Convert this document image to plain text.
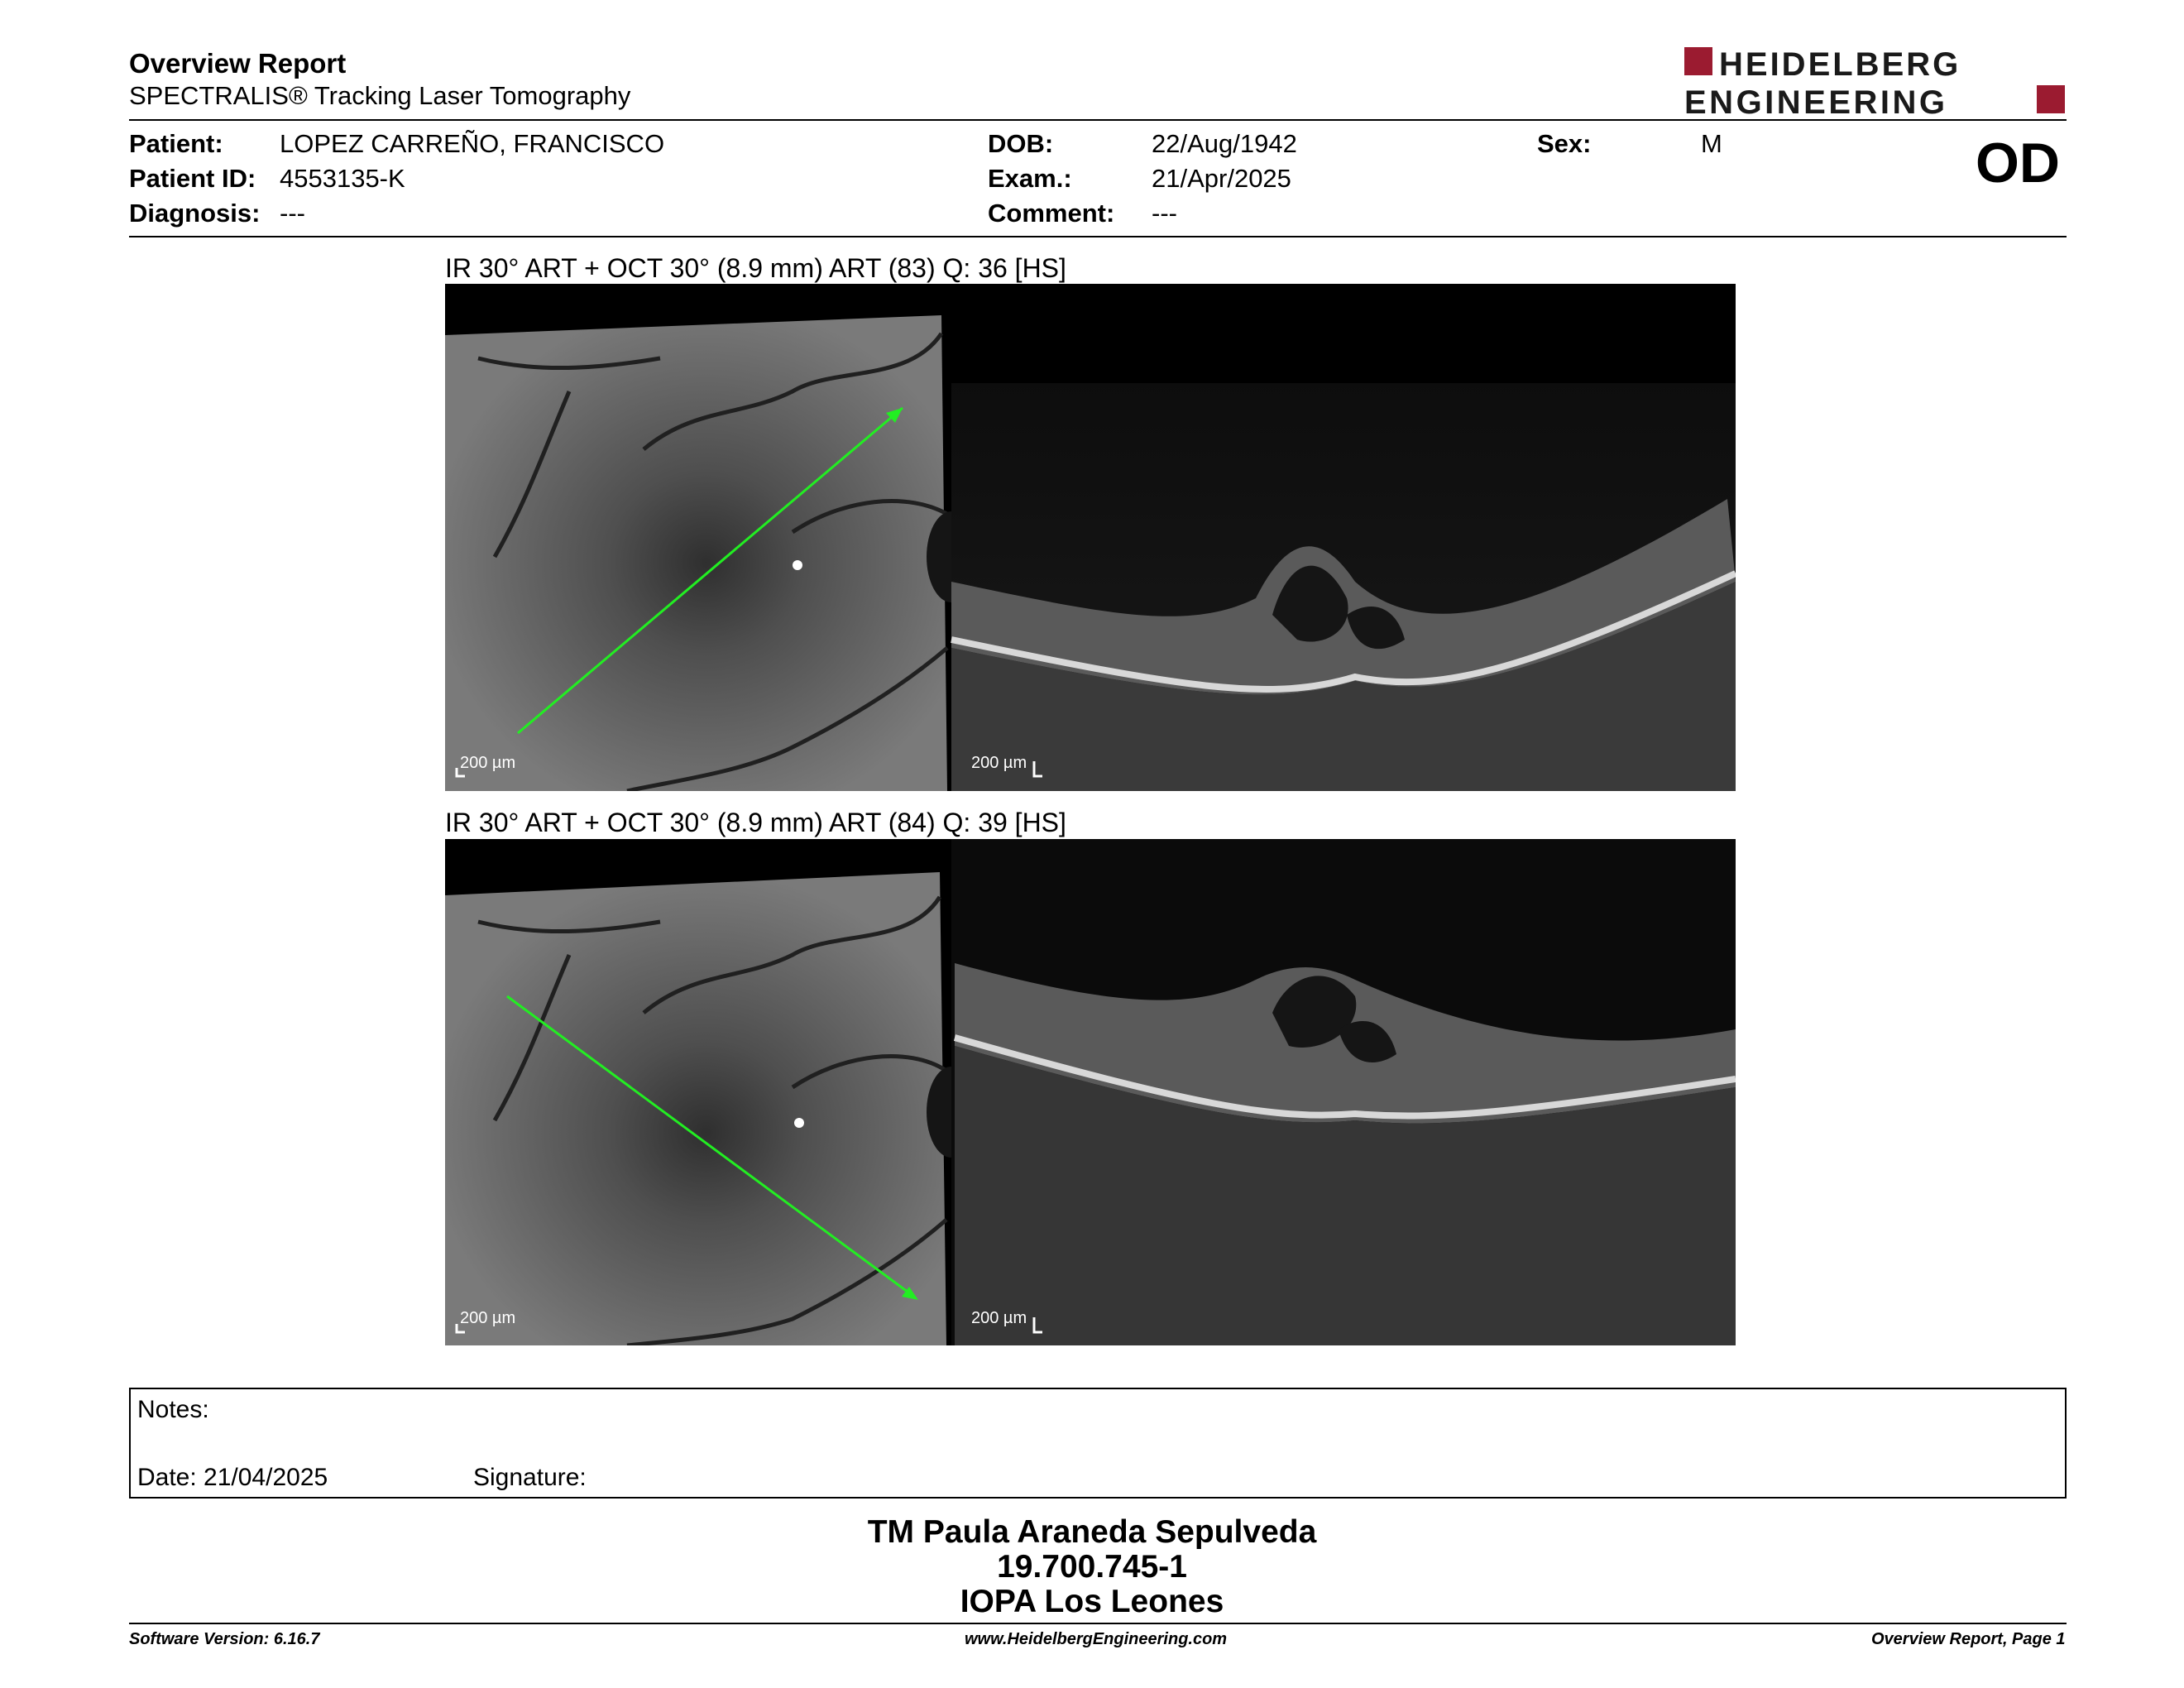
Overview Report
SPECTRALIS® Tracking Laser Tomography
HEIDELBERG
ENGINEERING
Patient: LOPEZ CARREÑO, FRANCISCO
Patient ID: 4553135-K
Diagnosis: ---
DOB:	22/Aug/1942
Exam.:	21/Apr/2025
Comment: ---
Sex:	M	OD
IR 30° ART + OCT 30° (8.9 mm) ART (83) Q: 36 [HS]
200 µm	200 µm
IR 30° ART + OCT 30° (8.9 mm) ART (84) Q: 39 [HS]
200 µm	200 µm
Notes:
Date: 21/04/2025	Signature:
TM Paula Araneda Sepulveda
19.700.745-1
IOPA Los Leones
Software Version: 6.16.7	www.HeidelbergEngineering.com	Overview Report, Page 1
